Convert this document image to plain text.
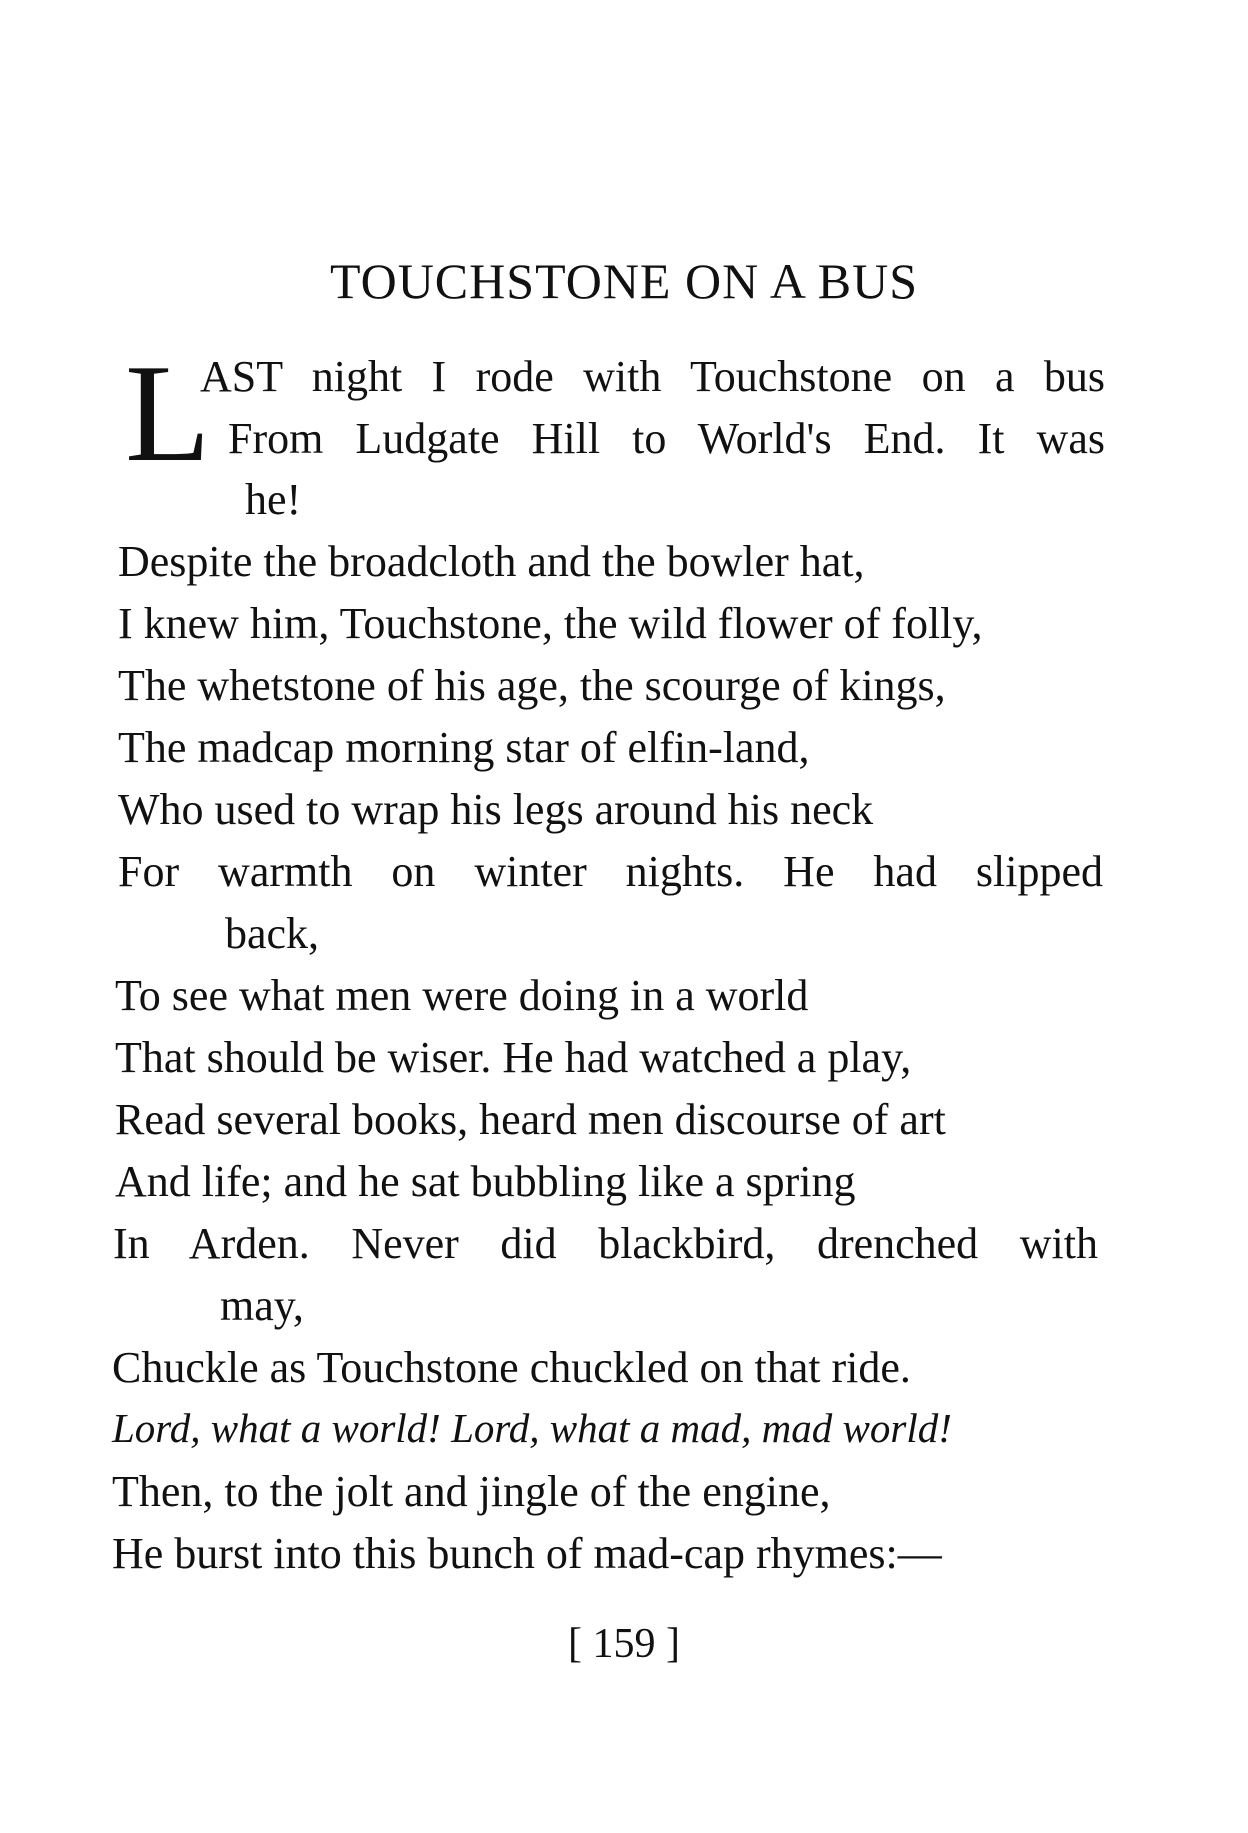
TOUCHSTONE ON A BUS
L
AST night I rode with Touchstone on a bus
From Ludgate Hill to World's End. It was
he!
Despite the broadcloth and the bowler hat,
I knew him, Touchstone, the wild flower of folly,
The whetstone of his age, the scourge of kings,
The madcap morning star of elfin-land,
Who used to wrap his legs around his neck
For warmth on winter nights. He had slipped
back,
To see what men were doing in a world
That should be wiser. He had watched a play,
Read several books, heard men discourse of art
And life; and he sat bubbling like a spring
In Arden. Never did blackbird, drenched with
may,
Chuckle as Touchstone chuckled on that ride.
Lord, what a world! Lord, what a mad, mad world!
Then, to the jolt and jingle of the engine,
He burst into this bunch of mad-cap rhymes:—
[ 159 ]
